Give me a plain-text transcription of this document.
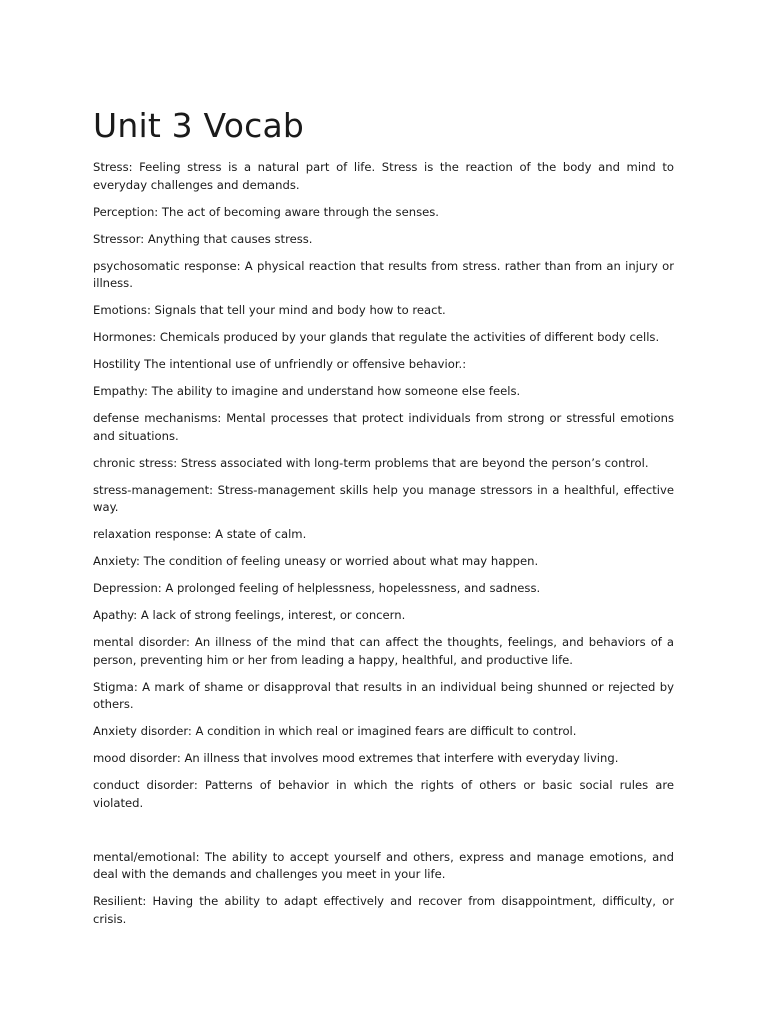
Unit 3 Vocab

Stress: Feeling stress is a natural part of life. Stress is the reaction of the body and mind to everyday challenges and demands.

Perception: The act of becoming aware through the senses.

Stressor: Anything that causes stress.

psychosomatic response: A physical reaction that results from stress. rather than from an injury or illness.

Emotions: Signals that tell your mind and body how to react.

Hormones: Chemicals produced by your glands that regulate the activities of different body cells.

Hostility The intentional use of unfriendly or offensive behavior.:

Empathy: The ability to imagine and understand how someone else feels.

defense mechanisms: Mental processes that protect individuals from strong or stressful emotions and situations.

chronic stress: Stress associated with long-term problems that are beyond the person’s control.

stress-management: Stress-management skills help you manage stressors in a healthful, effective way.

relaxation response: A state of calm.

Anxiety: The condition of feeling uneasy or worried about what may happen.

Depression: A prolonged feeling of helplessness, hopelessness, and sadness.

Apathy: A lack of strong feelings, interest, or concern.

mental disorder: An illness of the mind that can affect the thoughts, feelings, and behaviors of a person, preventing him or her from leading a happy, healthful, and productive life.

Stigma: A mark of shame or disapproval that results in an individual being shunned or rejected by others.

Anxiety disorder: A condition in which real or imagined fears are difficult to control.

mood disorder: An illness that involves mood extremes that interfere with everyday living.

conduct disorder: Patterns of behavior in which the rights of others or basic social rules are violated.

mental/emotional: The ability to accept yourself and others, express and manage emotions, and deal with the demands and challenges you meet in your life.

Resilient: Having the ability to adapt effectively and recover from disappointment, difficulty, or crisis.
